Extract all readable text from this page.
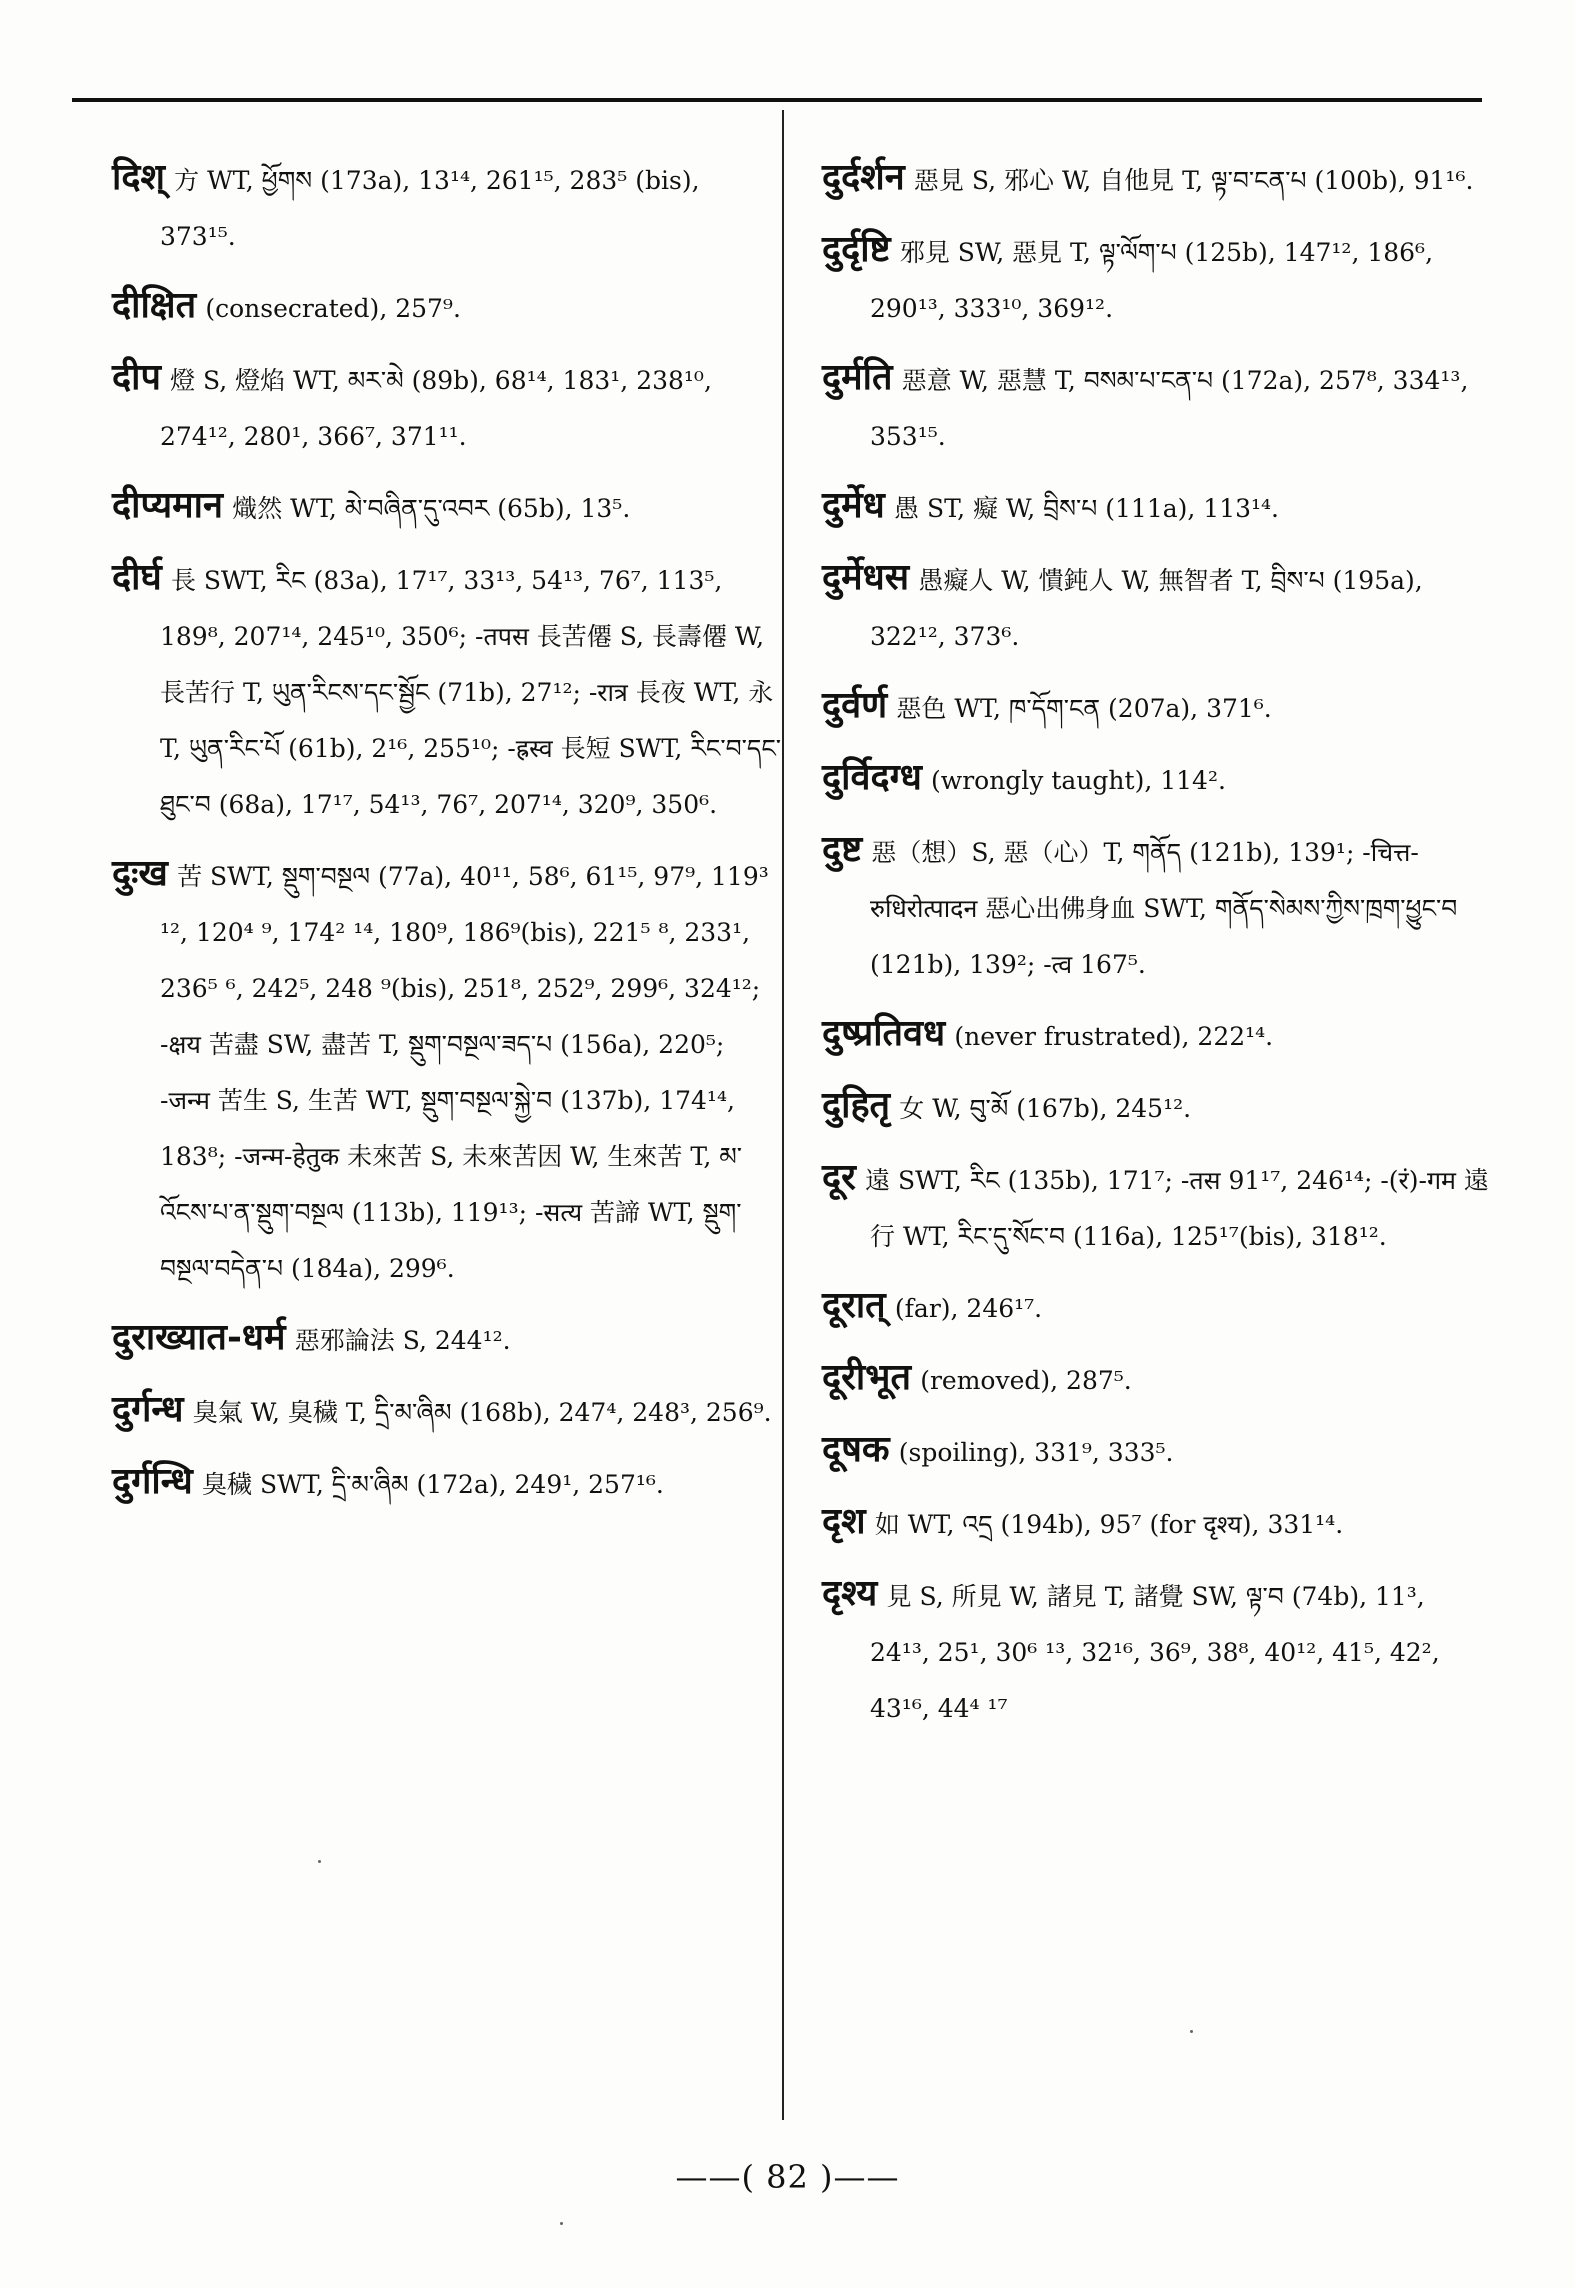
दिश् 方 WT, ཕྱོགས (173a), 13¹⁴, 261¹⁵, 283⁵ (bis), 373¹⁵.
दीक्षित (consecrated), 257⁹.
दीप 燈 S, 燈焰 WT, མར་མེ (89b), 68¹⁴, 183¹, 238¹⁰, 274¹², 280¹, 366⁷, 371¹¹.
दीप्यमान 熾然 WT, མེ་བཞིན་དུ་འབར (65b), 13⁵.
दीर्घ 長 SWT, རིང (83a), 17¹⁷, 33¹³, 54¹³, 76⁷, 113⁵, 189⁸, 207¹⁴, 245¹⁰, 350⁶; -तपस 長苦僊 S, 長壽僊 W, 長苦行 T, ཡུན་རིངས་དང་སྦྱོང (71b), 27¹²; -रात्र 長夜 WT, 永 T, ཡུན་རིང་པོ (61b), 2¹⁶, 255¹⁰; -ह्रस्व 長短 SWT, རིང་བ་དང་ཐུང་བ (68a), 17¹⁷, 54¹³, 76⁷, 207¹⁴, 320⁹, 350⁶.
दुःख 苦 SWT, སྡུག་བསྔལ (77a), 40¹¹, 58⁶, 61¹⁵, 97⁹, 119³ ¹², 120⁴ ⁹, 174² ¹⁴, 180⁹, 186⁹(bis), 221⁵ ⁸, 233¹, 236⁵ ⁶, 242⁵, 248 ⁹(bis), 251⁸, 252⁹, 299⁶, 324¹²; -क्षय 苦盡 SW, 盡苦 T, སྡུག་བསྔལ་ཟད་པ (156a), 220⁵; -जन्म 苦生 S, 生苦 WT, སྡུག་བསྔལ་སྐྱེ་བ (137b), 174¹⁴, 183⁸; -जन्म-हेतुक 未來苦 S, 未來苦因 W, 生來苦 T, མ་འོངས་པ་ན་སྡུག་བསྔལ (113b), 119¹³; -सत्य 苦諦 WT, སྡུག་བསྔལ་བདེན་པ (184a), 299⁶.
दुराख्यात-धर्म 惡邪論法 S, 244¹².
दुर्गन्ध 臭氣 W, 臭穢 T, དྲི་མ་ཞིམ (168b), 247⁴, 248³, 256⁹.
दुर्गन्धि 臭穢 SWT, དྲི་མ་ཞིམ (172a), 249¹, 257¹⁶.
दुर्दर्शन 惡見 S, 邪心 W, 自他見 T, ལྟ་བ་ངན་པ (100b), 91¹⁶.
दुर्दृष्टि 邪見 SW, 惡見 T, ལྟ་ལོག་པ (125b), 147¹², 186⁶, 290¹³, 333¹⁰, 369¹².
दुर्मति 惡意 W, 惡慧 T, བསམ་པ་ངན་པ (172a), 257⁸, 334¹³, 353¹⁵.
दुर्मेध 愚 ST, 癡 W, བྲིས་པ (111a), 113¹⁴.
दुर्मेधस 愚癡人 W, 憒鈍人 W, 無智者 T, བྲིས་པ (195a), 322¹², 373⁶.
दुर्वर्ण 惡色 WT, ཁ་དོག་ངན (207a), 371⁶.
दुर्विदग्ध (wrongly taught), 114².
दुष्ट 惡（想）S, 惡（心）T, གནོད (121b), 139¹; -चित्त-रुधिरोत्पादन 惡心出佛身血 SWT, གནོད་སེམས་ཀྱིས་ཁྲག་ཕྱུང་བ (121b), 139²; -त्व 167⁵.
दुष्प्रतिवध (never frustrated), 222¹⁴.
दुहितृ 女 W, བུ་མོ (167b), 245¹².
दूर 遠 SWT, རིང (135b), 171⁷; -तस 91¹⁷, 246¹⁴; -(रं)-गम 遠行 WT, རིང་དུ་སོང་བ (116a), 125¹⁷(bis), 318¹².
दूरात् (far), 246¹⁷.
दूरीभूत (removed), 287⁵.
दूषक (spoiling), 331⁹, 333⁵.
दृश 如 WT, འདྲ (194b), 95⁷ (for दृश्य), 331¹⁴.
दृश्य 見 S, 所見 W, 諸見 T, 諸覺 SW, ལྟ་བ (74b), 11³, 24¹³, 25¹, 30⁶ ¹³, 32¹⁶, 36⁹, 38⁸, 40¹², 41⁵, 42², 43¹⁶, 44⁴ ¹⁷
——( 82 )——
